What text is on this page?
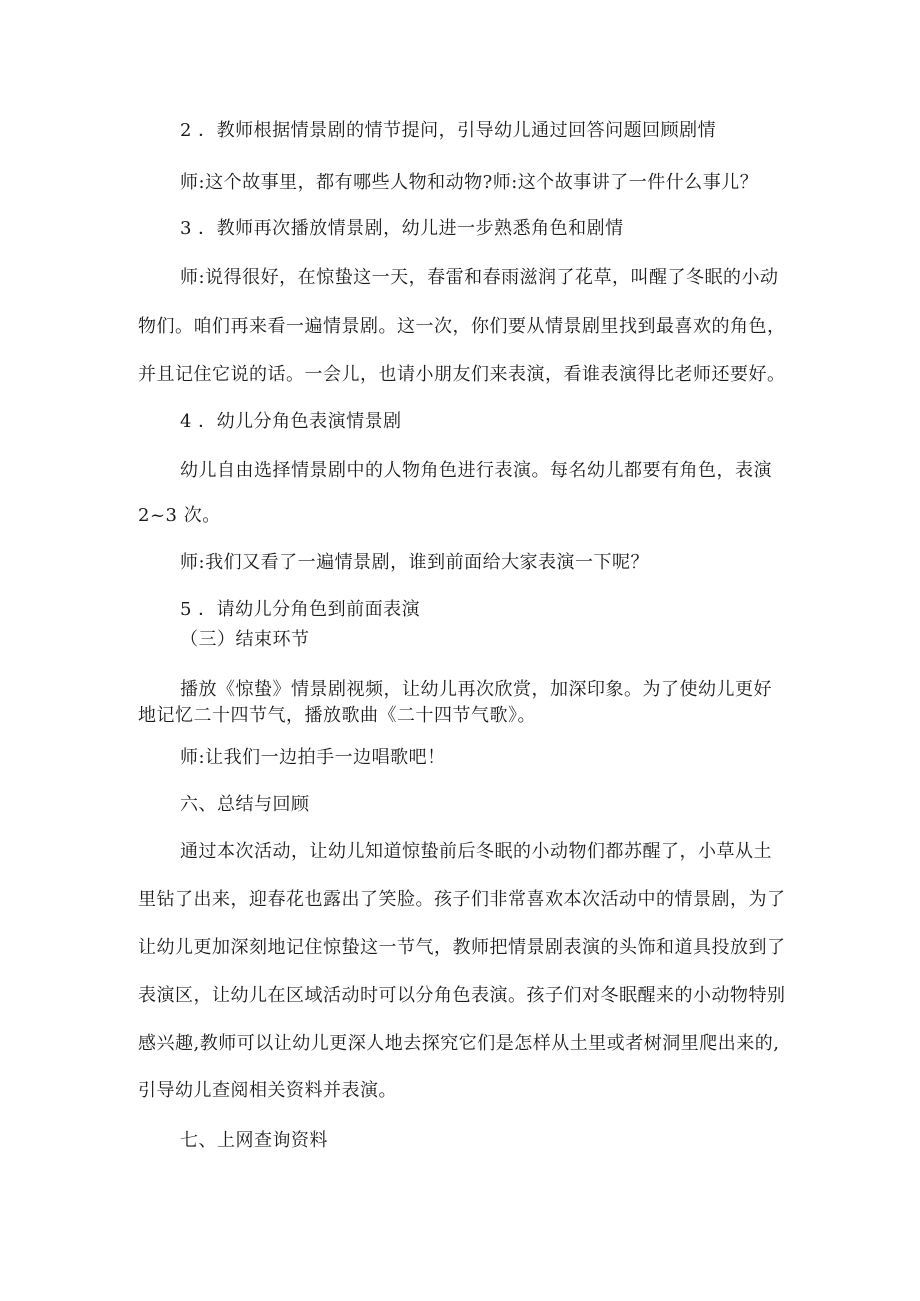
2 ．教师根据情景剧的情节提问，引导幼儿通过回答问题回顾剧情
师:这个故事里，都有哪些人物和动物?师:这个故事讲了一件什么事儿？
3 ．教师再次播放情景剧，幼儿进一步熟悉角色和剧情
师:说得很好，在惊蛰这一天，春雷和春雨滋润了花草，叫醒了冬眠的小动
物们。咱们再来看一遍情景剧。这一次，你们要从情景剧里找到最喜欢的角色，
并且记住它说的话。一会儿，也请小朋友们来表演，看谁表演得比老师还要好。
4 ．幼儿分角色表演情景剧
幼儿自由选择情景剧中的人物角色进行表演。每名幼儿都要有角色，表演
2~3 次。
师:我们又看了一遍情景剧，谁到前面给大家表演一下呢？
5 ．请幼儿分角色到前面表演
（三）结束环节
播放《惊蛰》情景剧视频，让幼儿再次欣赏，加深印象。为了使幼儿更好
地记忆二十四节气，播放歌曲《二十四节气歌》。
师:让我们一边拍手一边唱歌吧！
六、总结与回顾
通过本次活动，让幼儿知道惊蛰前后冬眠的小动物们都苏醒了，小草从土
里钻了出来，迎春花也露出了笑脸。孩子们非常喜欢本次活动中的情景剧，为了
让幼儿更加深刻地记住惊蛰这一节气，教师把情景剧表演的头饰和道具投放到了
表演区，让幼儿在区域活动时可以分角色表演。孩子们对冬眠醒来的小动物特别
感兴趣,教师可以让幼儿更深人地去探究它们是怎样从土里或者树洞里爬出来的,
引导幼儿查阅相关资料并表演。
七、上网查询资料
